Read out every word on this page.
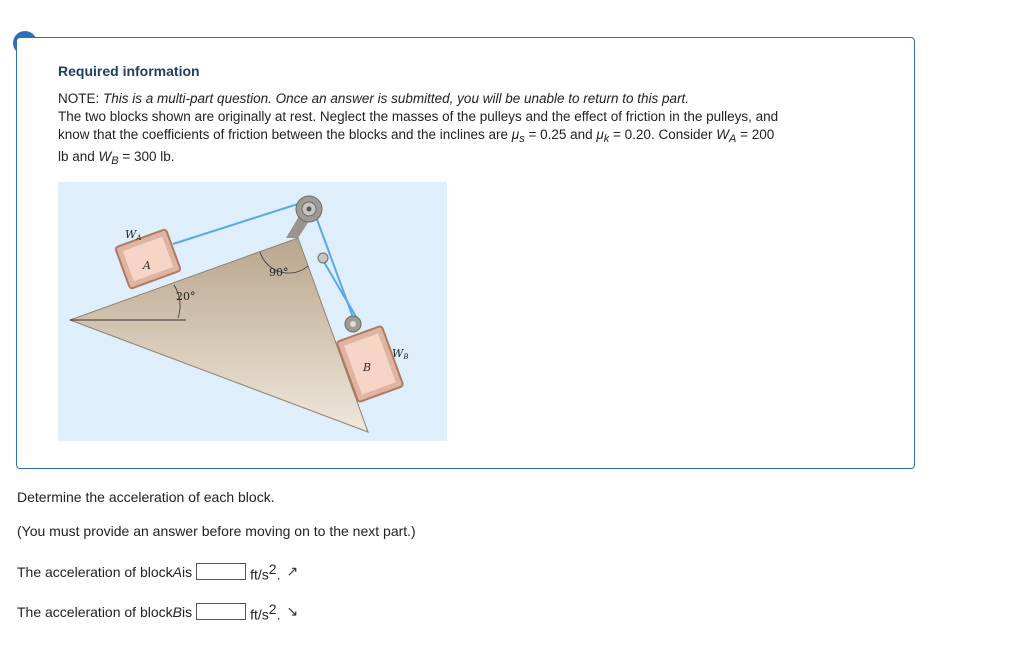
Required information
NOTE: This is a multi-part question. Once an answer is submitted, you will be unable to return to this part.
The two blocks shown are originally at rest. Neglect the masses of the pulleys and the effect of friction in the pulleys, and
know that the coefficients of friction between the blocks and the inclines are $\mu_s = 0.25$ and $\mu_k = 0.20$. Consider $W_A = 200$
lb and $W_B = 300$ lb.
WA
A
20°
90°
WB
B
Determine the acceleration of each block.
(You must provide an answer before moving on to the next part.)
The acceleration of block A is	$ft/s^2$. ↗
The acceleration of block B is	$ft/s^2$. ↘
